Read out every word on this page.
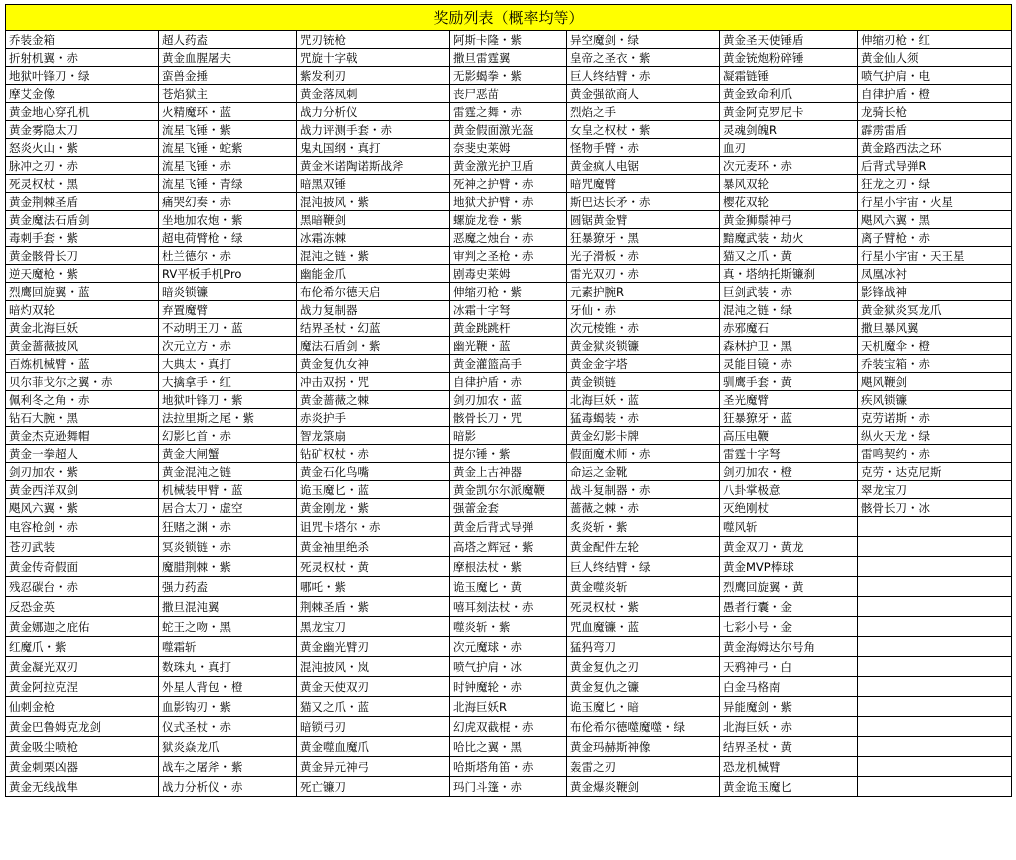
奖励列表（概率均等）						
乔装金箱	超人药盍	咒刃铳枪	阿斯卡隆・紫	异空魔剑・绿	黄金圣天使锤盾	伸缩刃枪・红
折射机翼・赤	黄金血腥屠夫	咒旋十字戟	撒旦雷霆翼	皇帝之圣衣・紫	黄金铳炮粉碎锤	黄金仙人须
地狱叶锋刀・绿	蛮兽金捶	紫发利刃	无影蝎拳・紫	巨人终结臂・赤	凝霜链锤	喷气护肩・电
摩艾金像	苍焰狱主	黄金落凤刺	丧尸恶苗	黄金强欲商人	黄金致命利爪	自律护盾・橙
黄金地心穿孔机	火精魔环・蓝	战力分析仪	雷霆之舞・赤	烈焰之手	黄金阿克罗尼卡	龙骑长枪
黄金雾隐太刀	流星飞锤・紫	战力评测手套・赤	黄金假面激光盔	女皇之权杖・紫	灵魂剑魄R	霹雳雷盾
怒炎火山・紫	流星飞锤・蛇紫	鬼丸国纲・真打	奈斐史莱姆	怪物手臂・赤	血刃	黄金路西法之环
脉冲之刃・赤	流星飞锤・赤	黄金米诺陶诺斯战斧	黄金激光护卫盾	黄金疯人电锯	次元麦环・赤	后背式导弹R
死灵权杖・黑	流星飞锤・青绿	暗黑双锤	死神之护臂・赤	暗咒魔臂	暴风双轮	狂龙之刃・绿
黄金荆棘圣盾	痛哭幻奏・赤	混沌披风・紫	地狱犬护臂・赤	斯巴达长矛・赤	樱花双轮	行星小宇宙・火星
黄金魔法石盾剑	坐地加农炮・紫	黑暗鞭剑	螺旋龙卷・紫	圆锯黄金臂	黄金狮鬃神弓	飓风六翼・黑
毒刺手套・紫	超电荷臂枪・绿	冰霜冻棘	恶魔之烛台・赤	狂暴獠牙・黑	黯魔武装・劫火	离子臂枪・赤
黄金骸骨长刀	杜兰德尔・赤	混沌之链・紫	审判之圣枪・赤	光子滑板・赤	猫又之爪・黄	行星小宇宙・天王星
逆天魔枪・紫	RV平板手机Pro	幽能金爪	剧毒史莱姆	雷光双刃・赤	真・塔纳托斯镰刹	凤凰冰衬
烈鹰回旋翼・蓝	暗炎锁镰	布伦希尔德天启	伸缩刃枪・紫	元素护腕R	巨剑武装・赤	影锋战神
暗灼双轮	弃置魔臂	战力复制器	冰霜十字弩	牙仙・赤	混沌之链・绿	黄金狱炎冥龙爪
黄金北海巨妖	不动明王刀・蓝	结界圣杖・幻蓝	黄金跳跳杆	次元棱锥・赤	赤邪魔石	撒旦暴风翼
黄金蔷薇披风	次元立方・赤	魔法石盾剑・紫	幽光鞭・蓝	黄金狱炎锁镰	森林护卫・黑	天机魔伞・橙
百炼机械臂・蓝	大典太・真打	黄金复仇女神	黄金灌篮高手	黄金金字塔	灵能目镜・赤	乔装宝箱・赤
贝尔菲戈尔之翼・赤	大擒拿手・红	冲击双拐・咒	自律护盾・赤	黄金锁链	驯鹰手套・黄	飓风鞭剑
佩利冬之角・赤	地狱叶锋刀・紫	黄金蔷薇之棘	剑刃加农・蓝	北海巨妖・蓝	圣光魔臂	疾风锁镰
钻石大腕・黑	法拉里斯之尾・紫	赤炎护手	骸骨长刀・咒	猛毒蝎装・赤	狂暴獠牙・蓝	克劳诺斯・赤
黄金杰克逊舞帽	幻影匕首・赤	智龙箓扇	暗影	黄金幻影卡牌	高压电鞭	纵火天龙・绿
黄金一拳超人	黄金大闸蟹	钻矿权杖・赤	提尔锤・紫	假面魔术师・赤	雷霆十字弩	雷鸣契约・赤
剑刃加农・紫	黄金混沌之链	黄金石化鸟嘴	黄金上古神器	命运之金靴	剑刃加农・橙	克劳・达克尼斯
黄金西洋双剑	机械装甲臂・蓝	诡玉魔匕・蓝	黄金凯尔尔派魔鞭	战斗复制器・赤	八卦掌极意	翠龙宝刀
飓风六翼・紫	居合太刀・虚空	黄金刚龙・紫	强蕾金套	蔷薇之棘・赤	灭绝刚杖	骸骨长刀・冰
电容枪剑・赤	狂赌之渊・赤	诅咒卡塔尔・赤	黄金后背式导弹	炙炎斩・紫	噬风斩	
苍刃武装	冥炎锁链・赤	黄金袖里绝杀	高塔之辉冠・紫	黄金配件左轮	黄金双刀・黄龙	
黄金传奇假面	魔腊荆棘・紫	死灵权杖・黄	摩根法杖・紫	巨人终结臂・绿	黄金MVP棒球	
残忍碳台・赤	强力药盍	哪吒・紫	诡玉魔匕・黄	黄金噬炎斩	烈鹰回旋翼・黄	
反恐金英	撒旦混沌翼	荆棘圣盾・紫	嘻耳刻法杖・赤	死灵权杖・紫	愚者行囊・金	
黄金娜迦之庇佑	蛇王之吻・黑	黑龙宝刀	噬炎斩・紫	咒血魔镰・蓝	七彩小号・金	
红魔爪・紫	噬霜斩	黄金幽光臂刃	次元魔球・赤	猛犸弯刀	黄金海姆达尔号角	
黄金凝光双刃	数珠丸・真打	混沌披风・岚	喷气护肩・冰	黄金复仇之刃	天鸦神弓・白	
黄金阿拉克涅	外星人背包・橙	黄金天使双刃	时钟魔轮・赤	黄金复仇之镰	白金马格南	
仙刺金枪	血影钩刃・紫	猫又之爪・蓝	北海巨妖R	诡玉魔匕・暗	异能魔剑・紫	
黄金巴鲁姆克龙剑	仪式圣杖・赤	暗锁弓刃	幻虎双截棍・赤	布伦希尔德噬魔噬・绿	北海巨妖・赤	
黄金吸尘喷枪	狱炎焱龙爪	黄金噬血魔爪	哈比之翼・黑	黄金玛赫斯神像	结界圣杖・黄	
黄金刺栗凶器	战车之屠斧・紫	黄金异元神弓	哈斯塔角笛・赤	轰雷之刃	恐龙机械臂	
黄金无线战隼	战力分析仪・赤	死亡镰刀	玛门斗篷・赤	黄金爆炎鞭剑	黄金诡玉魔匕	
